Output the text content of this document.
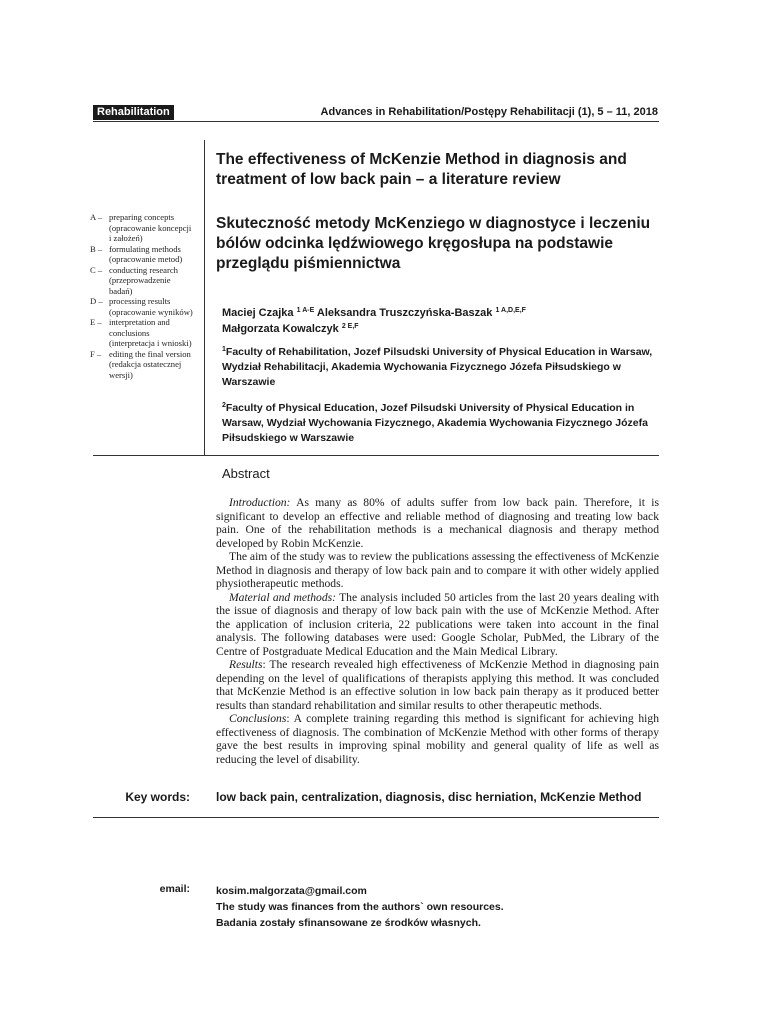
Rehabilitation	Advances in Rehabilitation/Postępy Rehabilitacji (1), 5 – 11, 2018
The effectiveness of McKenzie Method in diagnosis and treatment of low back pain – a literature review
Skuteczność metody McKenziego w diagnostyce i leczeniu bólów odcinka lędźwiowego kręgosłupa na podstawie przeglądu piśmiennictwa
A – preparing concepts (opracowanie koncepcji i założeń)
B – formulating methods (opracowanie metod)
C – conducting research (przeprowadzenie badań)
D – processing results (opracowanie wyników)
E – interpretation and conclusions (interpretacja i wnioski)
F – editing the final version (redakcja ostatecznej wersji)
Maciej Czajka $^{1 A-E}$ Aleksandra Truszczyńska-Baszak $^{1 A,D,E,F}$
Małgorzata Kowalczyk $^{2 E,F}$
$^1$Faculty of Rehabilitation, Jozef Pilsudski University of Physical Education in Warsaw, Wydział Rehabilitacji, Akademia Wychowania Fizycznego Józefa Piłsudskiego w Warszawie
$^2$Faculty of Physical Education, Jozef Pilsudski University of Physical Education in Warsaw, Wydział Wychowania Fizycznego, Akademia Wychowania Fizycznego Józefa Piłsudskiego w Warszawie
Abstract

Introduction: As many as 80% of adults suffer from low back pain. Therefore, it is significant to develop an effective and reliable method of diagnosing and treating low back pain. One of the rehabilitation methods is a mechanical diagnosis and therapy method developed by Robin McKenzie.

The aim of the study was to review the publications assessing the effectiveness of McKenzie Method in diagnosis and therapy of low back pain and to compare it with other widely applied physiotherapeutic methods.

Material and methods: The analysis included 50 articles from the last 20 years dealing with the issue of diagnosis and therapy of low back pain with the use of McKenzie Method. After the application of inclusion criteria, 22 publications were taken into account in the final analysis. The following databases were used: Google Scholar, PubMed, the Library of the Centre of Postgraduate Medical Education and the Main Medical Library.

Results: The research revealed high effectiveness of McKenzie Method in diagnosing pain depending on the level of qualifications of therapists applying this method. It was concluded that McKenzie Method is an effective solution in low back pain therapy as it produced better results than standard rehabilitation and similar results to other therapeutic methods.

Conclusions: A complete training regarding this method is significant for achieving high effectiveness of diagnosis. The combination of McKenzie Method with other forms of therapy gave the best results in improving spinal mobility and general quality of life as well as reducing the level of disability.

Key words: low back pain, centralization, diagnosis, disc herniation, McKenzie Method
email: kosim.malgorzata@gmail.com
The study was finances from the authors` own resources.
Badania zostały sfinansowane ze środków własnych.
